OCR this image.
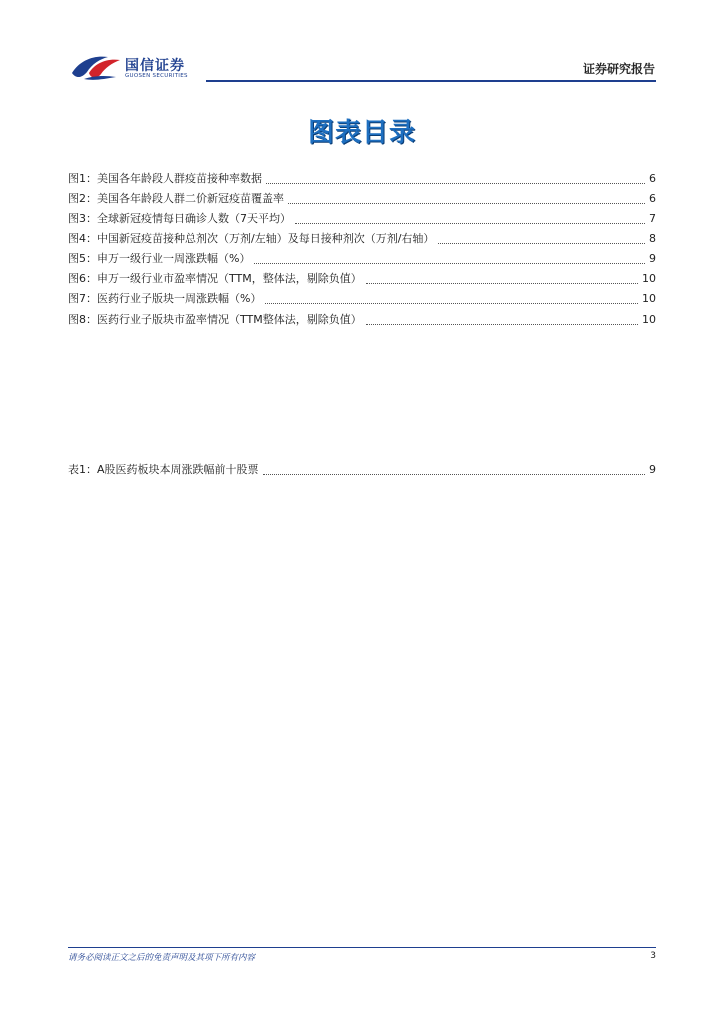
国信证券
GUOSEN SECURITIES	证券研究报告
图表目录
图1： 美国各年龄段人群疫苗接种率数据	6
图2： 美国各年龄段人群二价新冠疫苗覆盖率	6
图3： 全球新冠疫情每日确诊人数（7天平均）	7
图4： 中国新冠疫苗接种总剂次（万剂/左轴）及每日接种剂次（万剂/右轴）	8
图5： 申万一级行业一周涨跌幅（%）	9
图6： 申万一级行业市盈率情况（TTM，整体法，剔除负值）	10
图7： 医药行业子版块一周涨跌幅（%）	10
图8： 医药行业子版块市盈率情况（TTM整体法，剔除负值）	10
表1： A股医药板块本周涨跌幅前十股票	9
请务必阅读正文之后的免责声明及其项下所有内容	3
